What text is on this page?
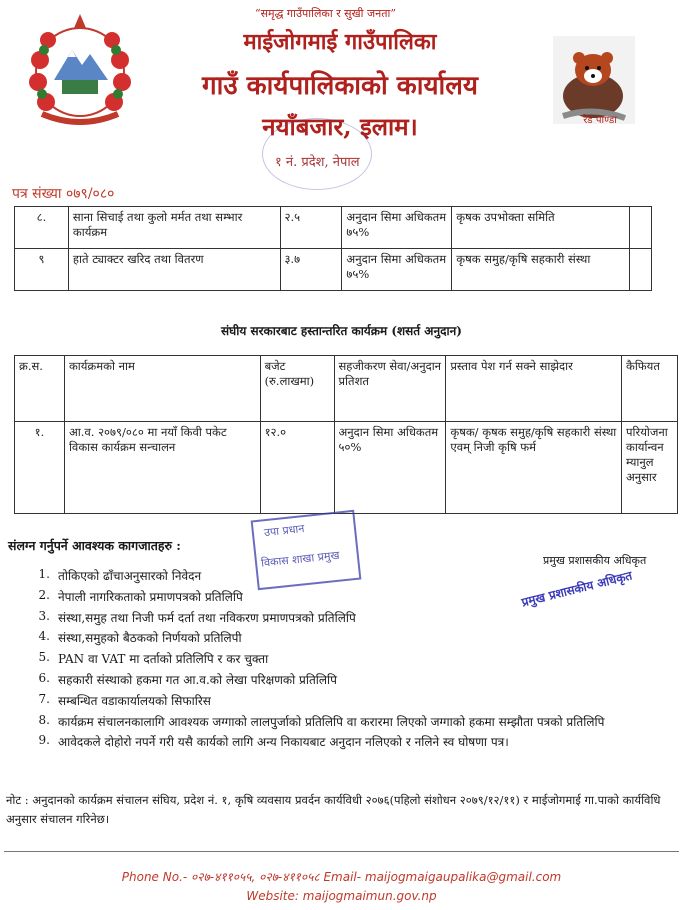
“समृद्ध गाउँपालिका र सुखी जनता”
माईजोगमाई गाउँपालिका
गाउँ कार्यपालिकाको कार्यालय
नयाँबजार, इलाम।
१ नं. प्रदेश, नेपाल
रेड पाण्डा
पत्र संख्या ०७९/०८०
८.	साना सिचाई तथा कुलो मर्मत तथा सम्भार कार्यक्रम	२.५	अनुदान सिमा अधिकतम ७५%	कृषक उपभोक्ता समिति	
९	हाते ट्याक्टर खरिद तथा वितरण	३.७	अनुदान सिमा अधिकतम ७५%	कृषक समुह/कृषि सहकारी संस्था	
संघीय सरकारबाट हस्तान्तरित कार्यक्रम (शसर्त अनुदान)
क्र.स.	कार्यक्रमको नाम	बजेट (रु.लाखमा)	सहजीकरण सेवा/अनुदान प्रतिशत	प्रस्ताव पेश गर्न सक्ने साझेदार	कैफियत
१.	आ.व. २०७९/०८० मा नयाँ किवी पकेट विकास कार्यक्रम सन्चालन	१२.०	अनुदान सिमा अधिकतम ५०%	कृषक/ कृषक समुह/कृषि सहकारी संस्था एवम् निजी कृषि फर्म	परियोजना कार्यान्वन म्यानुल अनुसार
संलग्न गर्नुपर्ने आवश्यक कागजातहरु :
प्रमुख प्रशासकीय अधिकृत
उपा प्रधान
विकास शाखा प्रमुख
प्रमुख प्रशासकीय अधिकृत
1. तोकिएको ढाँचाअनुसारको निवेदन
2. नेपाली नागरिकताको प्रमाणपत्रको प्रतिलिपि
3. संस्था,समुह तथा निजी फर्म दर्ता तथा नविकरण प्रमाणपत्रको प्रतिलिपि
4. संस्था,समुहको बैठकको निर्णयको प्रतिलिपी
5. PAN वा VAT मा दर्ताको प्रतिलिपि र कर चुक्ता
6. सहकारी संस्थाको हकमा गत आ.व.को लेखा परिक्षणको प्रतिलिपि
7. सम्बन्धित वडाकार्यालयको सिफारिस
8. कार्यक्रम संचालनकालागि आवश्यक जग्गाको लालपुर्जाको प्रतिलिपि वा करारमा लिएको जग्गाको हकमा सम्झौता पत्रको प्रतिलिपि
9. आवेदकले दोहोरो नपर्ने गरी यसै कार्यको लागि अन्य निकायबाट अनुदान नलिएको र नलिने स्व घोषणा पत्र।
नोट : अनुदानको कार्यक्रम संचालन संघिय, प्रदेश नं. १, कृषि व्यवसाय प्रवर्दन कार्यविधी २०७६(पहिलो संशोधन २०७९/१२/११) र माईजोगमाई गा.पाको कार्यविधि अनुसार संचालन गरिनेछ।
Phone No.- ०२७-४११०५५, ०२७-४११०५८ Email- maijogmaigaupalika@gmail.com
Website: maijogmaimun.gov.np
